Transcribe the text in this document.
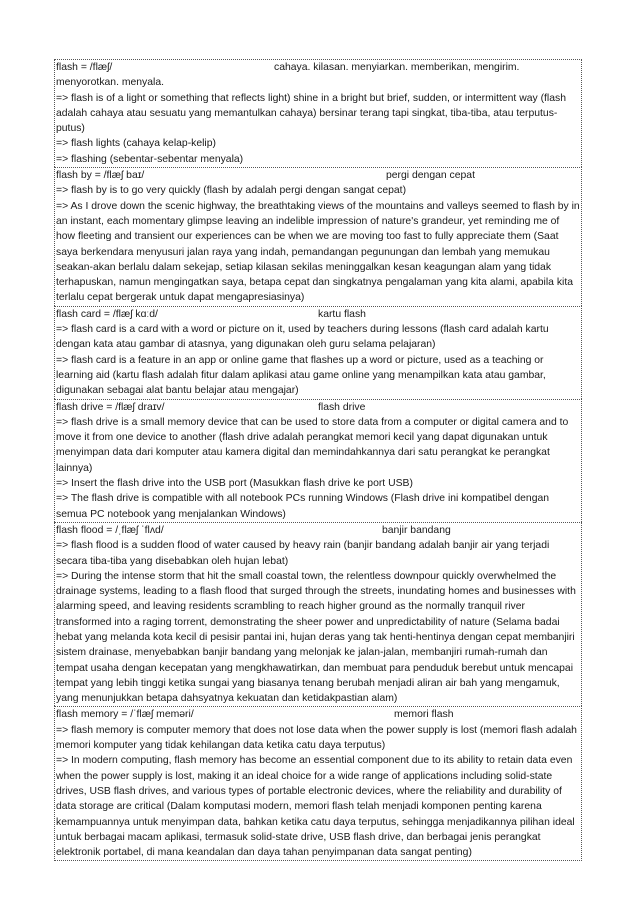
flash = /flæʃ/	cahaya. kilasan. menyiarkan. memberikan, mengirim. menyorotkan. menyala.
=> flash is of a light or something that reflects light) shine in a bright but brief, sudden, or intermittent way (flash adalah cahaya atau sesuatu yang memantulkan cahaya) bersinar terang tapi singkat, tiba-tiba, atau terputus-putus)
=> flash lights (cahaya kelap-kelip)
=> flashing (sebentar-sebentar menyala)
flash by = /flæʃ baɪ/	pergi dengan cepat
=> flash by is to go very quickly (flash by adalah pergi dengan sangat cepat)
=> As I drove down the scenic highway, the breathtaking views of the mountains and valleys seemed to flash by in an instant, each momentary glimpse leaving an indelible impression of nature's grandeur, yet reminding me of how fleeting and transient our experiences can be when we are moving too fast to fully appreciate them (Saat saya berkendara menyusuri jalan raya yang indah, pemandangan pegunungan dan lembah yang memukau seakan-akan berlalu dalam sekejap, setiap kilasan sekilas meninggalkan kesan keagungan alam yang tidak terhapuskan, namun mengingatkan saya, betapa cepat dan singkatnya pengalaman yang kita alami, apabila kita terlalu cepat bergerak untuk dapat mengapresiasinya)
flash card = /flæʃ kɑːd/	kartu flash
=> flash card is a card with a word or picture on it, used by teachers during lessons (flash card adalah kartu dengan kata atau gambar di atasnya, yang digunakan oleh guru selama pelajaran)
=> flash card is a feature in an app or online game that flashes up a word or picture, used as a teaching or learning aid (kartu flash adalah fitur dalam aplikasi atau game online yang menampilkan kata atau gambar, digunakan sebagai alat bantu belajar atau mengajar)
flash drive = /flæʃ draɪv/	flash drive
=> flash drive is a small memory device that can be used to store data from a computer or digital camera and to move it from one device to another (flash drive adalah perangkat memori kecil yang dapat digunakan untuk menyimpan data dari komputer atau kamera digital dan memindahkannya dari satu perangkat ke perangkat lainnya)
=> Insert the flash drive into the USB port (Masukkan flash drive ke port USB)
=> The flash drive is compatible with all notebook PCs running Windows (Flash drive ini kompatibel dengan semua PC notebook yang menjalankan Windows)
flash flood = /ˌflæʃ ˈflʌd/	banjir bandang
=> flash flood is a sudden flood of water caused by heavy rain (banjir bandang adalah banjir air yang terjadi secara tiba-tiba yang disebabkan oleh hujan lebat)
=> During the intense storm that hit the small coastal town, the relentless downpour quickly overwhelmed the drainage systems, leading to a flash flood that surged through the streets, inundating homes and businesses with alarming speed, and leaving residents scrambling to reach higher ground as the normally tranquil river transformed into a raging torrent, demonstrating the sheer power and unpredictability of nature (Selama badai hebat yang melanda kota kecil di pesisir pantai ini, hujan deras yang tak henti-hentinya dengan cepat membanjiri sistem drainase, menyebabkan banjir bandang yang melonjak ke jalan-jalan, membanjiri rumah-rumah dan tempat usaha dengan kecepatan yang mengkhawatirkan, dan membuat para penduduk berebut untuk mencapai tempat yang lebih tinggi ketika sungai yang biasanya tenang berubah menjadi aliran air bah yang mengamuk, yang menunjukkan betapa dahsyatnya kekuatan dan ketidakpastian alam)
flash memory = /ˈflæʃ meməri/	memori flash
=> flash memory is computer memory that does not lose data when the power supply is lost (memori flash adalah memori komputer yang tidak kehilangan data ketika catu daya terputus)
=> In modern computing, flash memory has become an essential component due to its ability to retain data even when the power supply is lost, making it an ideal choice for a wide range of applications including solid-state drives, USB flash drives, and various types of portable electronic devices, where the reliability and durability of data storage are critical (Dalam komputasi modern, memori flash telah menjadi komponen penting karena kemampuannya untuk menyimpan data, bahkan ketika catu daya terputus, sehingga menjadikannya pilihan ideal untuk berbagai macam aplikasi, termasuk solid-state drive, USB flash drive, dan berbagai jenis perangkat elektronik portabel, di mana keandalan dan daya tahan penyimpanan data sangat penting)
